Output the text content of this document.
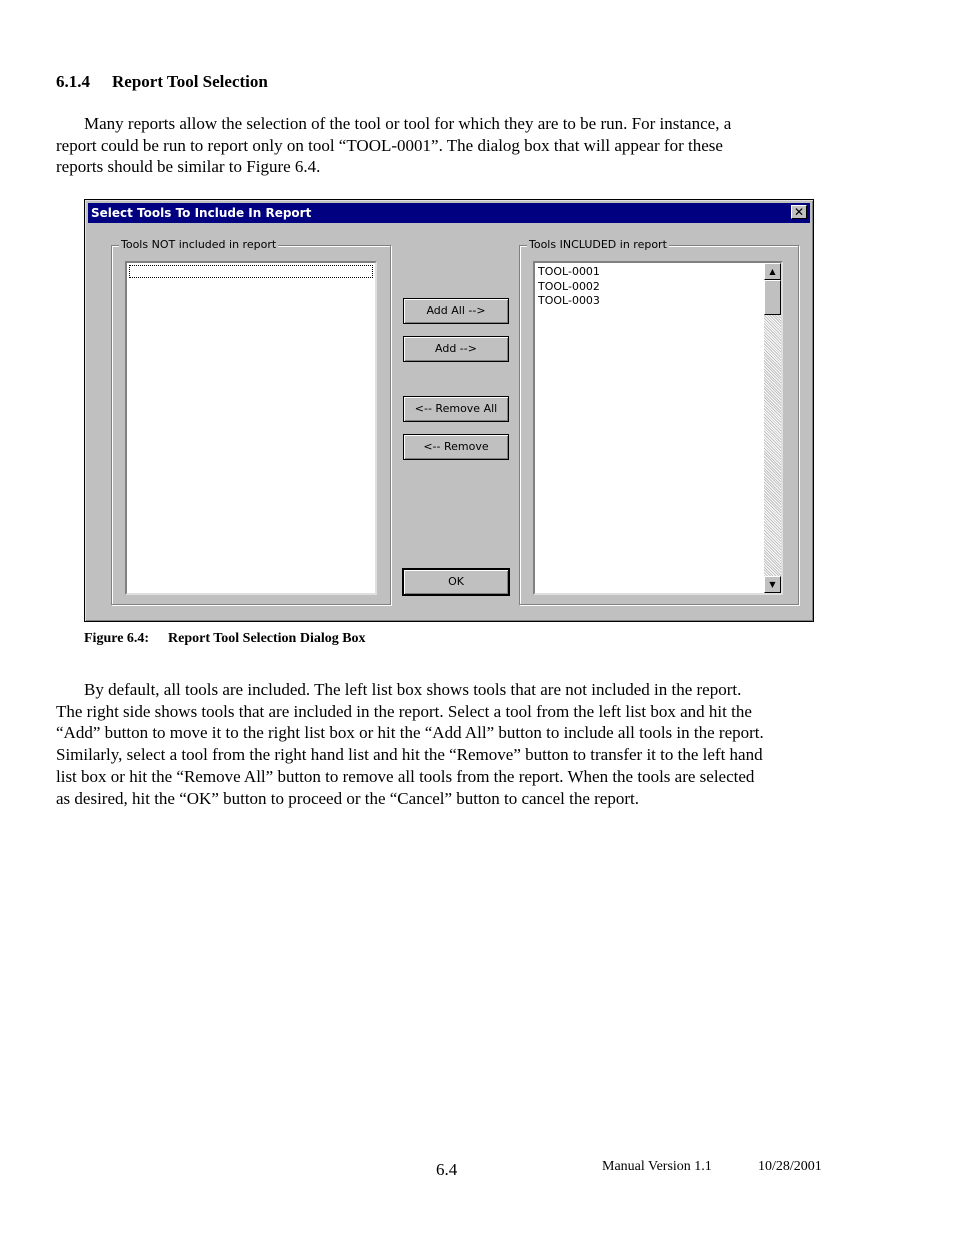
6.1.4 Report Tool Selection
Many reports allow the selection of the tool or tool for which they are to be run. For instance, a
report could be run to report only on tool “TOOL-0001”. The dialog box that will appear for these
reports should be similar to Figure 6.4.
Select Tools To Include In Report	✕
Tools NOT included in report
Add All -->
Add -->
<-- Remove All
<-- Remove
OK
Tools INCLUDED in report
TOOL-0001
TOOL-0002
TOOL-0003
▲
▼
Figure 6.4: Report Tool Selection Dialog Box
By default, all tools are included. The left list box shows tools that are not included in the report.
The right side shows tools that are included in the report. Select a tool from the left list box and hit the
“Add” button to move it to the right list box or hit the “Add All” button to include all tools in the report.
Similarly, select a tool from the right hand list and hit the “Remove” button to transfer it to the left hand
list box or hit the “Remove All” button to remove all tools from the report. When the tools are selected
as desired, hit the “OK” button to proceed or the “Cancel” button to cancel the report.
6.4	Manual Version 1.1	10/28/2001
